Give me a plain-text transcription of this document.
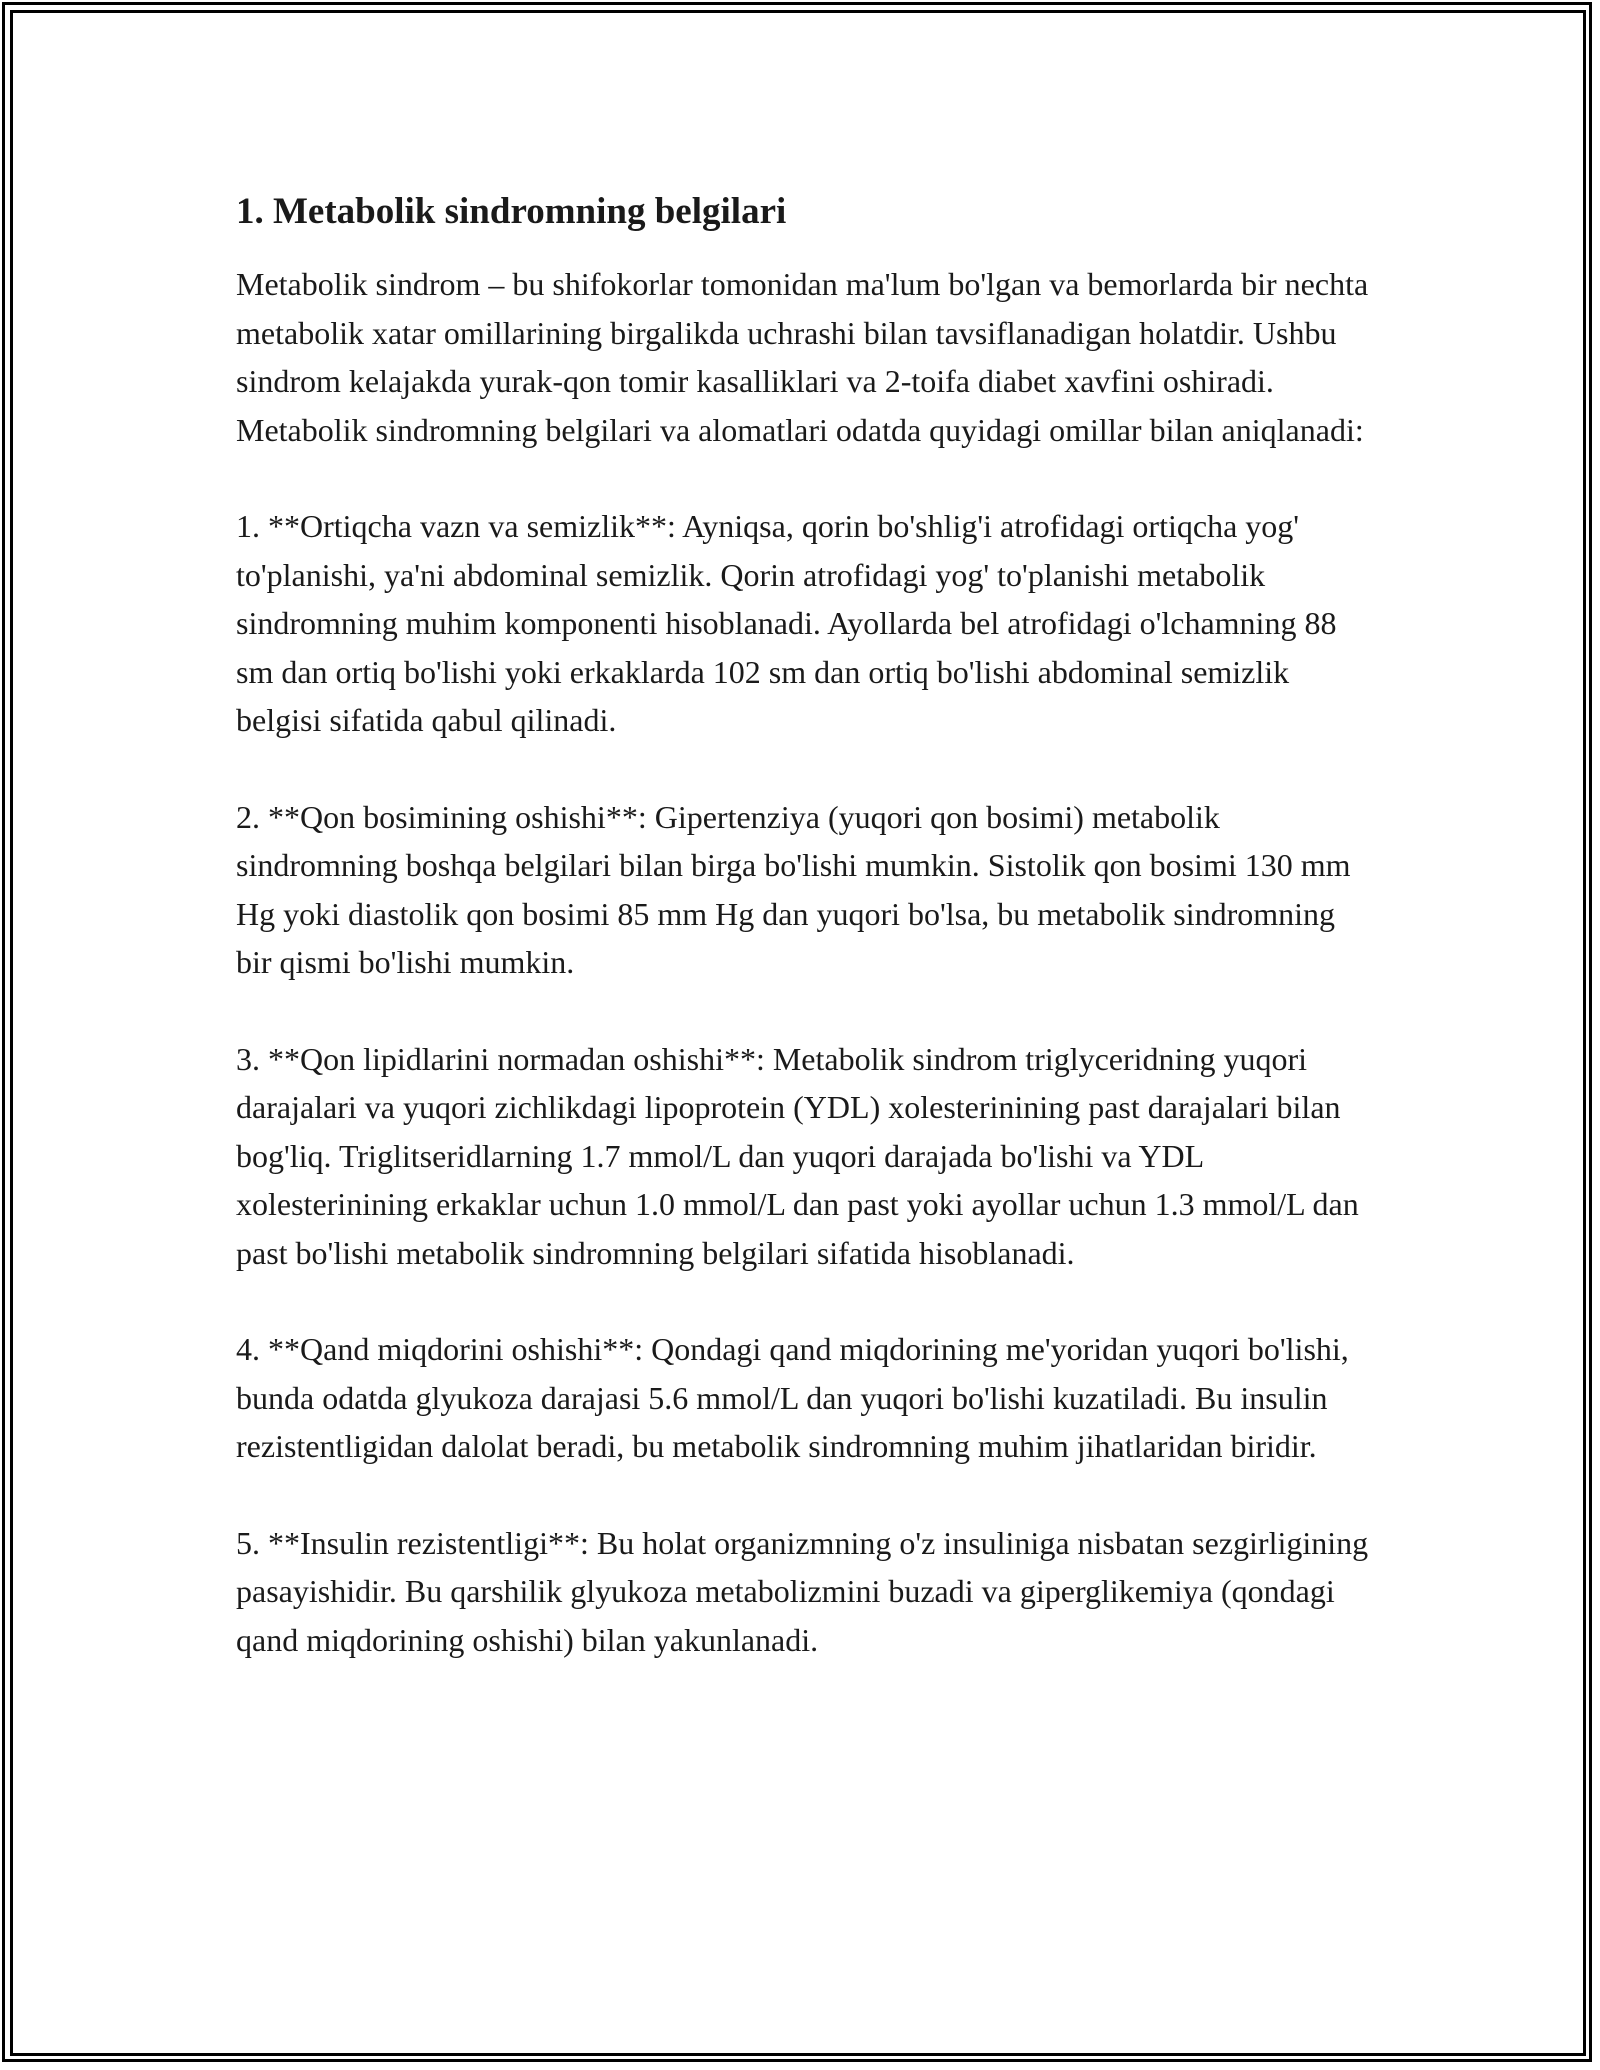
1. Metabolik sindromning belgilari

Metabolik sindrom – bu shifokorlar tomonidan ma'lum bo'lgan va bemorlarda bir nechta metabolik xatar omillarining birgalikda uchrashi bilan tavsiflanadigan holatdir. Ushbu sindrom kelajakda yurak-qon tomir kasalliklari va 2-toifa diabet xavfini oshiradi. Metabolik sindromning belgilari va alomatlari odatda quyidagi omillar bilan aniqlanadi:

1. **Ortiqcha vazn va semizlik**: Ayniqsa, qorin bo'shlig'i atrofidagi ortiqcha yog' to'planishi, ya'ni abdominal semizlik. Qorin atrofidagi yog' to'planishi metabolik sindromning muhim komponenti hisoblanadi. Ayollarda bel atrofidagi o'lchamning 88 sm dan ortiq bo'lishi yoki erkaklarda 102 sm dan ortiq bo'lishi abdominal semizlik belgisi sifatida qabul qilinadi.

2. **Qon bosimining oshishi**: Gipertenziya (yuqori qon bosimi) metabolik sindromning boshqa belgilari bilan birga bo'lishi mumkin. Sistolik qon bosimi 130 mm Hg yoki diastolik qon bosimi 85 mm Hg dan yuqori bo'lsa, bu metabolik sindromning bir qismi bo'lishi mumkin.

3. **Qon lipidlarini normadan oshishi**: Metabolik sindrom triglyceridning yuqori darajalari va yuqori zichlikdagi lipoprotein (YDL) xolesterinining past darajalari bilan bog'liq. Triglitseridlarning 1.7 mmol/L dan yuqori darajada bo'lishi va YDL xolesterinining erkaklar uchun 1.0 mmol/L dan past yoki ayollar uchun 1.3 mmol/L dan past bo'lishi metabolik sindromning belgilari sifatida hisoblanadi.

4. **Qand miqdorini oshishi**: Qondagi qand miqdorining me'yoridan yuqori bo'lishi, bunda odatda glyukoza darajasi 5.6 mmol/L dan yuqori bo'lishi kuzatiladi. Bu insulin rezistentligidan dalolat beradi, bu metabolik sindromning muhim jihatlaridan biridir.

5. **Insulin rezistentligi**: Bu holat organizmning o'z insuliniga nisbatan sezgirligining pasayishidir. Bu qarshilik glyukoza metabolizmini buzadi va giperglikemiya (qondagi qand miqdorining oshishi) bilan yakunlanadi.
